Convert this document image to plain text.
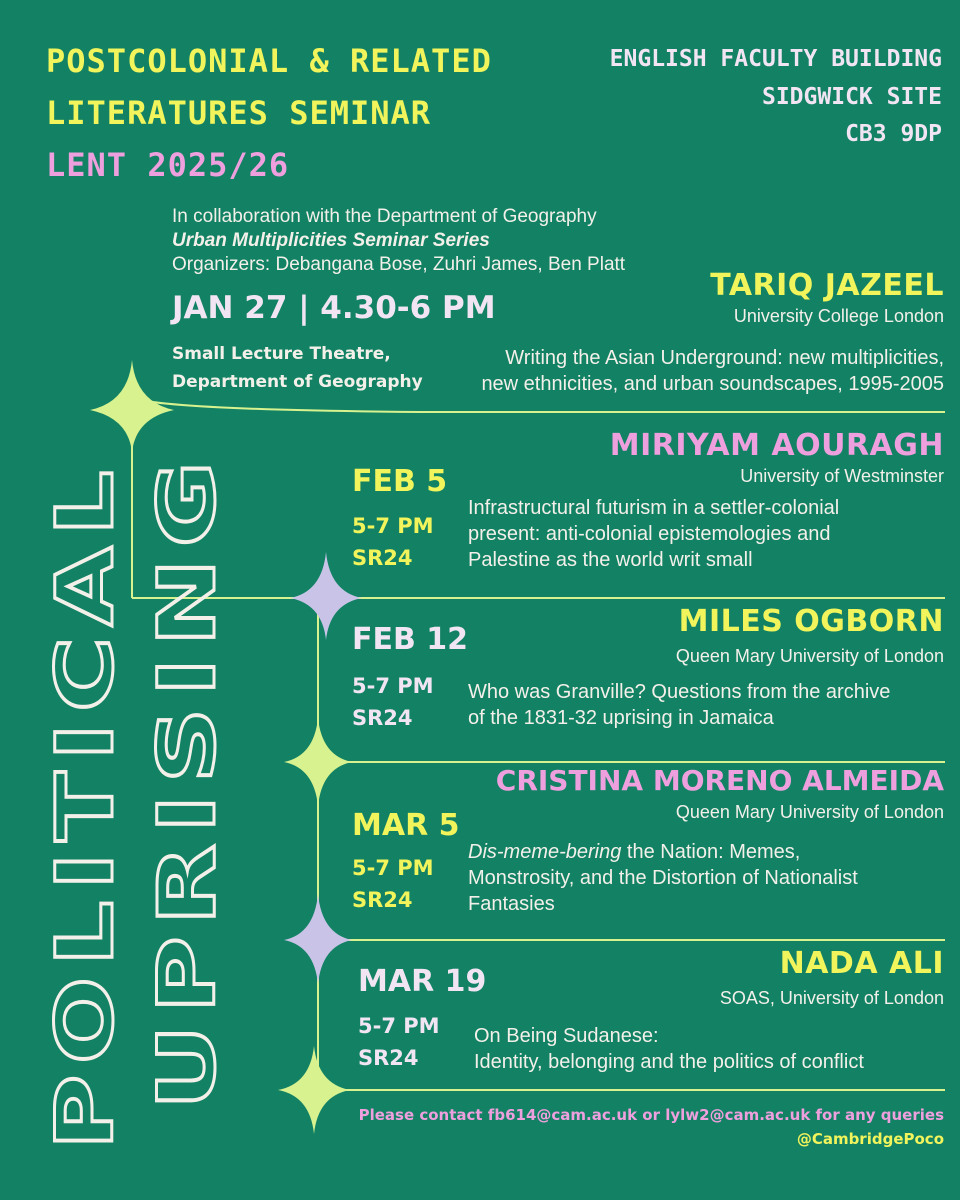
POSTCOLONIAL & RELATED
LITERATURES SEMINAR
LENT 2025/26
ENGLISH FACULTY BUILDING
SIDGWICK SITE
CB3 9DP
In collaboration with the Department of Geography
Urban Multiplicities Seminar Series
Organizers: Debangana Bose, Zuhri James, Ben Platt
JAN 27 | 4.30-6 PM
Small Lecture Theatre,
Department of Geography
TARIQ JAZEEL
University College London
Writing the Asian Underground: new multiplicities,
new ethnicities, and urban soundscapes, 1995-2005
MIRIYAM AOURAGH
University of Westminster
FEB 5
5-7 PM
SR24
Infrastructural futurism in a settler-colonial
present: anti-colonial epistemologies and
Palestine as the world writ small
MILES OGBORN
Queen Mary University of London
FEB 12
5-7 PM
SR24
Who was Granville? Questions from the archive
of the 1831-32 uprising in Jamaica
CRISTINA MORENO ALMEIDA
Queen Mary University of London
MAR 5
5-7 PM
SR24
Dis-meme-bering the Nation: Memes,
Monstrosity, and the Distortion of Nationalist
Fantasies
NADA ALI
SOAS, University of London
MAR 19
5-7 PM
SR24
On Being Sudanese:
Identity, belonging and the politics of conflict
Please contact fb614@cam.ac.uk or lylw2@cam.ac.uk for any queries
@CambridgePoco
POLITICAL UPRISING
